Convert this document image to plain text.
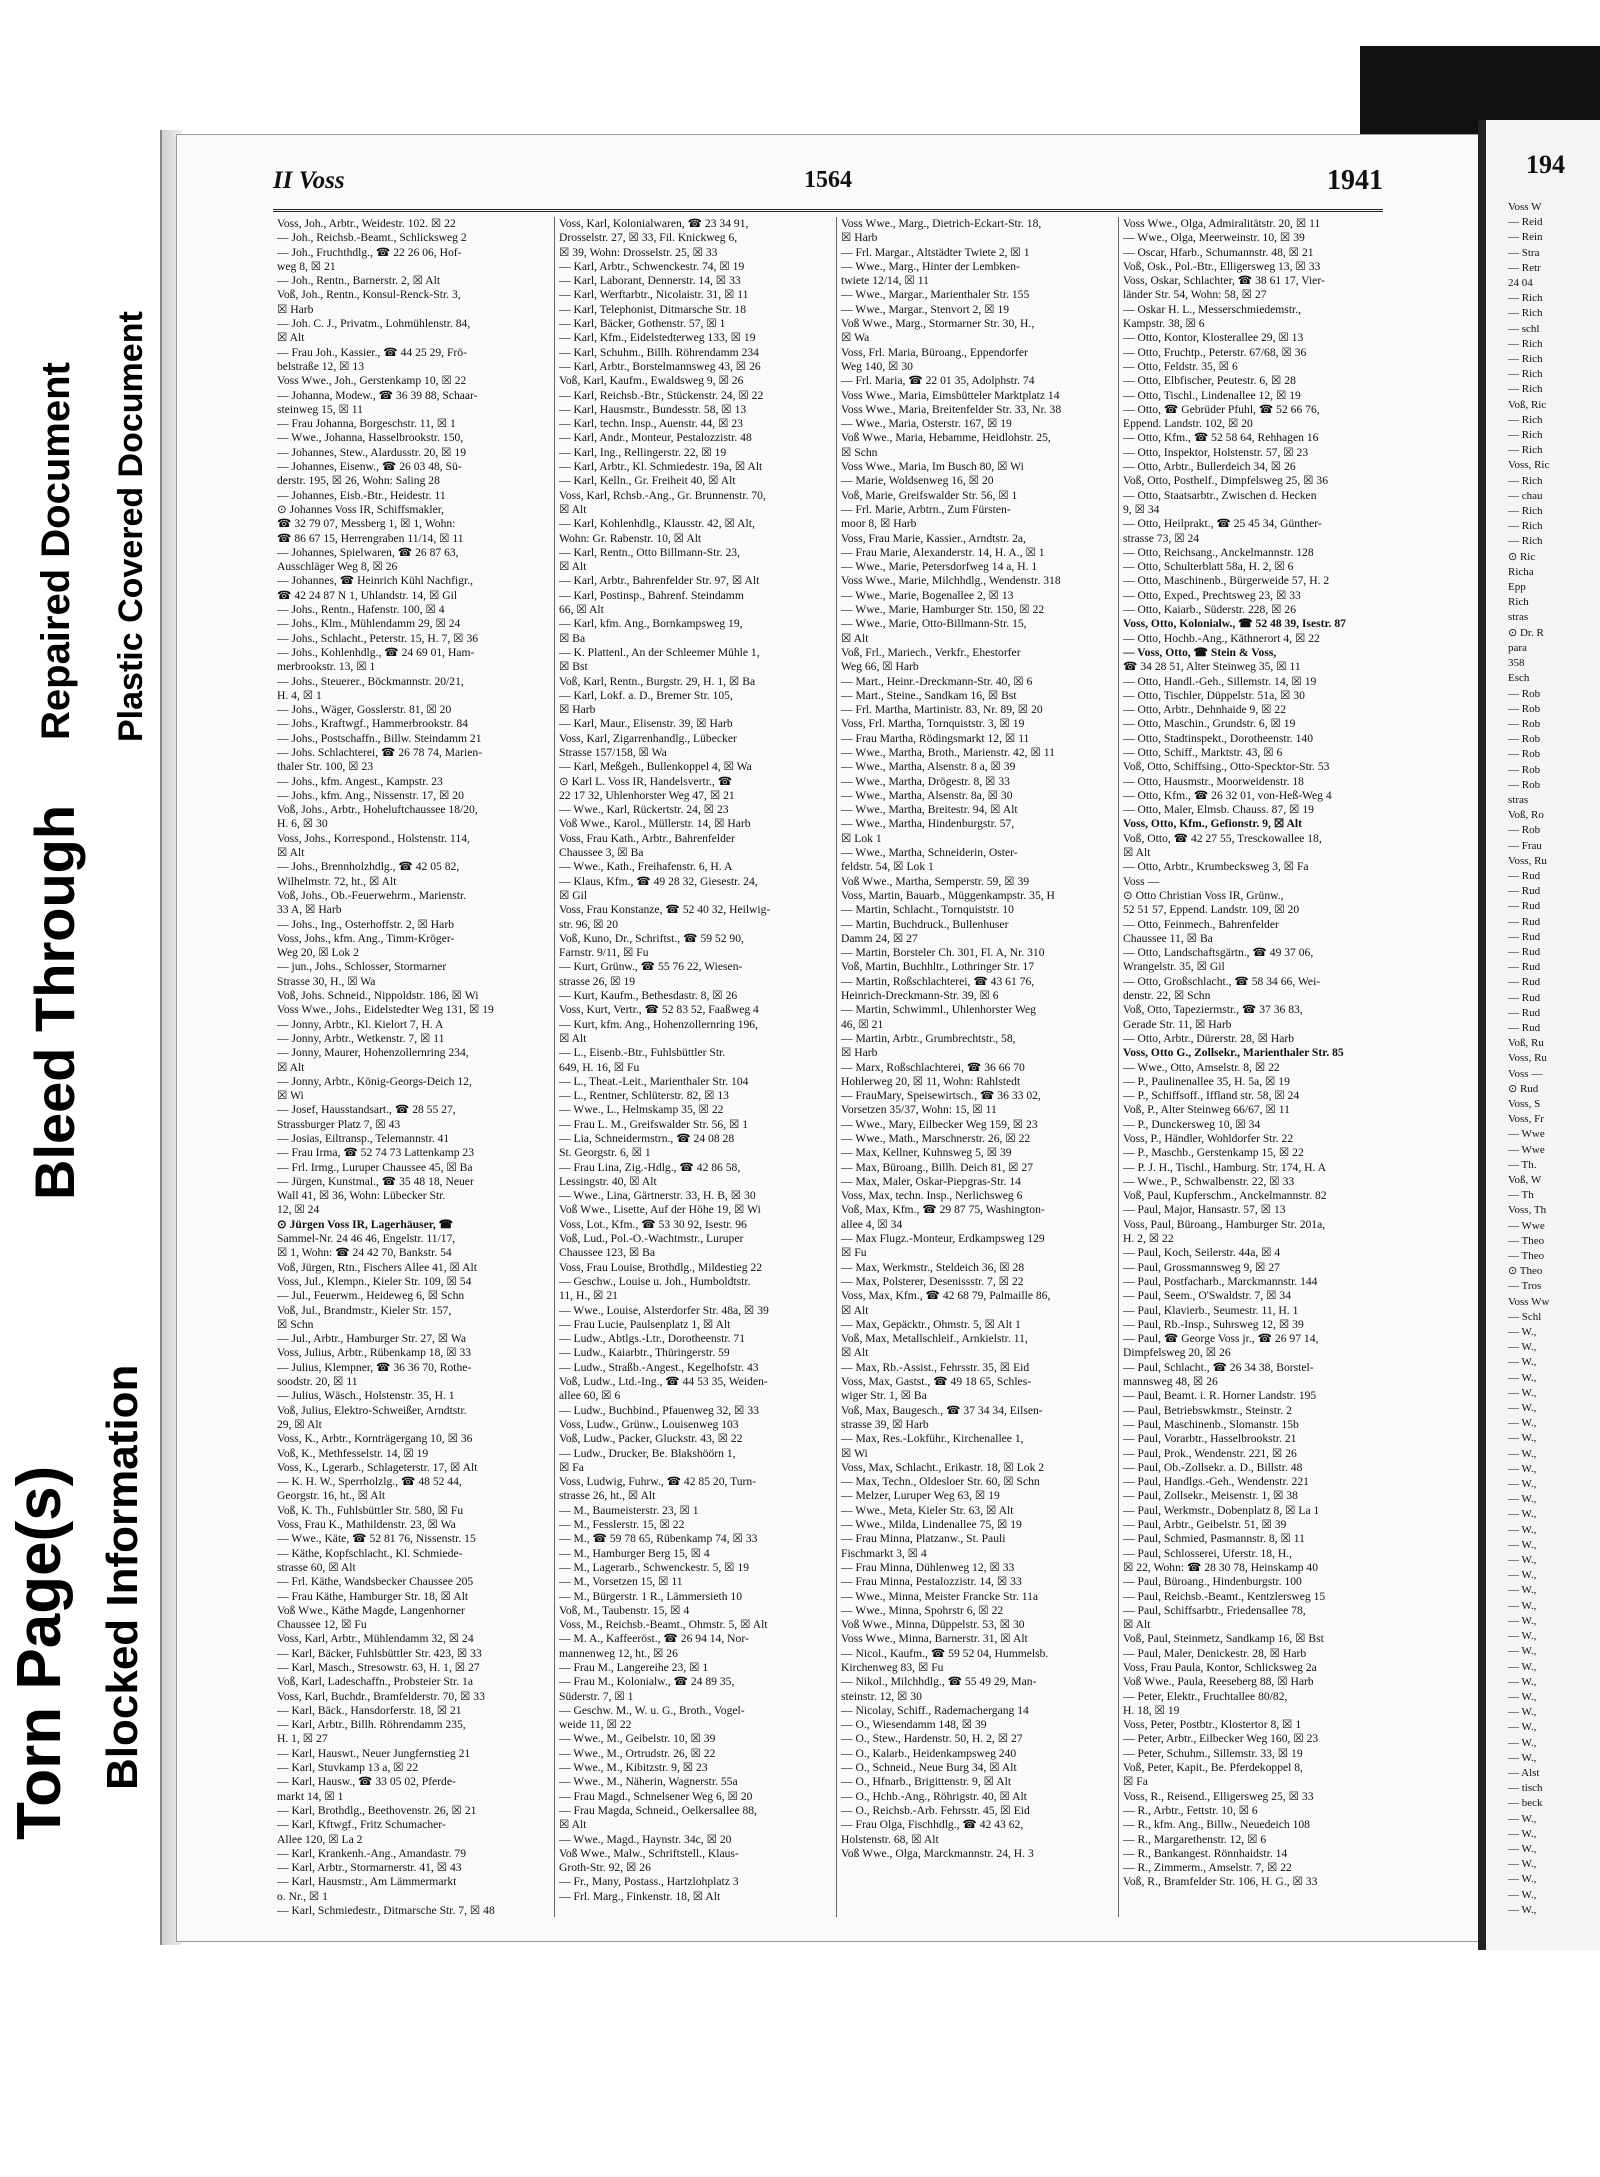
Torn Page(s) Blocked Information
Bleed Through
Repaired Document Plastic Covered Document
II Voss	1564	1941
Voss, Joh., Arbtr., Weidestr. 102. ☒ 22
— Joh., Reichsb.-Beamt., Schlicksweg 2
— Joh., Fruchthdlg., ☎ 22 26 06, Hof-
weg 8, ☒ 21
— Joh., Rentn., Barnerstr. 2, ☒ Alt
Voß, Joh., Rentn., Konsul-Renck-Str. 3,
☒ Harb
— Joh. C. J., Privatm., Lohmühlenstr. 84,
☒ Alt
— Frau Joh., Kassier., ☎ 44 25 29, Frö-
belstraße 12, ☒ 13
Voss Wwe., Joh., Gerstenkamp 10, ☒ 22
— Johanna, Modew., ☎ 36 39 88, Schaar-
steinweg 15, ☒ 11
— Frau Johanna, Borgeschstr. 11, ☒ 1
— Wwe., Johanna, Hasselbrookstr. 150,
— Johannes, Stew., Alardusstr. 20, ☒ 19
— Johannes, Eisenw., ☎ 26 03 48, Sü-
derstr. 195, ☒ 26, Wohn: Saling 28
— Johannes, Eisb.-Btr., Heidestr. 11
⊙ Johannes Voss IR, Schiffsmakler,
☎ 32 79 07, Messberg 1, ☒ 1, Wohn:
☎ 86 67 15, Herrengraben 11/14, ☒ 11
— Johannes, Spielwaren, ☎ 26 87 63,
Ausschläger Weg 8, ☒ 26
— Johannes, ☎ Heinrich Kühl Nachfigr.,
☎ 42 24 87 N 1, Uhlandstr. 14, ☒ Gil
— Johs., Rentn., Hafenstr. 100, ☒ 4
— Johs., Klm., Mühlendamm 29, ☒ 24
— Johs., Schlacht., Peterstr. 15, H. 7, ☒ 36
— Johs., Kohlenhdlg., ☎ 24 69 01, Ham-
merbrookstr. 13, ☒ 1
— Johs., Steuerer., Böckmannstr. 20/21,
H. 4, ☒ 1
— Johs., Wäger, Gosslerstr. 81, ☒ 20
— Johs., Kraftwgf., Hammerbrookstr. 84
— Johs., Postschaffn., Billw. Steindamm 21
— Johs. Schlachterei, ☎ 26 78 74, Marien-
thaler Str. 100, ☒ 23
— Johs., kfm. Angest., Kampstr. 23
— Johs., kfm. Ang., Nissenstr. 17, ☒ 20
Voß, Johs., Arbtr., Hoheluftchaussee 18/20,
H. 6, ☒ 30
Voss, Johs., Korrespond., Holstenstr. 114,
☒ Alt
— Johs., Brennholzhdlg., ☎ 42 05 82,
Wilhelmstr. 72, ht., ☒ Alt
Voß, Johs., Ob.-Feuerwehrm., Marienstr.
33 A, ☒ Harb
— Johs., Ing., Osterhoffstr. 2, ☒ Harb
Voss, Johs., kfm. Ang., Timm-Kröger-
Weg 20, ☒ Lok 2
— jun., Johs., Schlosser, Stormarner
Strasse 30, H., ☒ Wa
Voß, Johs. Schneid., Nippoldstr. 186, ☒ Wi
Voss Wwe., Johs., Eidelstedter Weg 131, ☒ 19
— Jonny, Arbtr., Kl. Kielort 7, H. A
— Jonny, Arbtr., Wetkenstr. 7, ☒ 11
— Jonny, Maurer, Hohenzollernring 234,
☒ Alt
— Jonny, Arbtr., König-Georgs-Deich 12,
☒ Wi
— Josef, Hausstandsart., ☎ 28 55 27,
Strassburger Platz 7, ☒ 43
— Josias, Eiltransp., Telemannstr. 41
— Frau Irma, ☎ 52 74 73 Lattenkamp 23
— Frl. Irmg., Luruper Chaussee 45, ☒ Ba
— Jürgen, Kunstmal., ☎ 35 48 18, Neuer
Wall 41, ☒ 36, Wohn: Lübecker Str.
12, ☒ 24
⊙ Jürgen Voss IR, Lagerhäuser, ☎
Sammel-Nr. 24 46 46, Engelstr. 11/17,
☒ 1, Wohn: ☎ 24 42 70, Bankstr. 54
Voß, Jürgen, Rtn., Fischers Allee 41, ☒ Alt
Voss, Jul., Klempn., Kieler Str. 109, ☒ 54
— Jul., Feuerwm., Heideweg 6, ☒ Schn
Voß, Jul., Brandmstr., Kieler Str. 157,
☒ Schn
— Jul., Arbtr., Hamburger Str. 27, ☒ Wa
Voss, Julius, Arbtr., Rübenkamp 18, ☒ 33
— Julius, Klempner, ☎ 36 36 70, Rothe-
soodstr. 20, ☒ 11
— Julius, Wäsch., Holstenstr. 35, H. 1
Voß, Julius, Elektro-Schweißer, Arndtstr.
29, ☒ Alt
Voss, K., Arbtr., Kornträgergang 10, ☒ 36
Voß, K., Methfesselstr. 14, ☒ 19
Voss, K., Lgerarb., Schlageterstr. 17, ☒ Alt
— K. H. W., Sperrholzlg., ☎ 48 52 44,
Georgstr. 16, ht., ☒ Alt
Voß, K. Th., Fuhlsbüttler Str. 580, ☒ Fu
Voss, Frau K., Mathildenstr. 23, ☒ Wa
— Wwe., Käte, ☎ 52 81 76, Nissenstr. 15
— Käthe, Kopfschlacht., Kl. Schmiede-
strasse 60, ☒ Alt
— Frl. Käthe, Wandsbecker Chaussee 205
— Frau Käthe, Hamburger Str. 18, ☒ Alt
Voß Wwe., Käthe Magde, Langenhorner
Chaussee 12, ☒ Fu
Voss, Karl, Arbtr., Mühlendamm 32, ☒ 24
— Karl, Bäcker, Fuhlsbüttler Str. 423, ☒ 33
— Karl, Masch., Stresowstr. 63, H. 1, ☒ 27
Voß, Karl, Ladeschaffn., Probsteier Str. 1a
Voss, Karl, Buchdr., Bramfelderstr. 70, ☒ 33
— Karl, Bäck., Hansdorferstr. 18, ☒ 21
— Karl, Arbtr., Billh. Röhrendamm 235,
H. 1, ☒ 27
— Karl, Hauswt., Neuer Jungfernstieg 21
— Karl, Stuvkamp 13 a, ☒ 22
— Karl, Hausw., ☎ 33 05 02, Pferde-
markt 14, ☒ 1
— Karl, Brothdlg., Beethovenstr. 26, ☒ 21
— Karl, Kftwgf., Fritz Schumacher-
Allee 120, ☒ La 2
— Karl, Krankenh.-Ang., Amandastr. 79
— Karl, Arbtr., Stormarnerstr. 41, ☒ 43
— Karl, Hausmstr., Am Lämmermarkt
o. Nr., ☒ 1
— Karl, Schmiedestr., Ditmarsche Str. 7, ☒ 48
Voss, Karl, Kolonialwaren, ☎ 23 34 91,
Drosselstr. 27, ☒ 33, Fil. Knickweg 6,
☒ 39, Wohn: Drosselstr. 25, ☒ 33
— Karl, Arbtr., Schwenckestr. 74, ☒ 19
— Karl, Laborant, Dennerstr. 14, ☒ 33
— Karl, Werftarbtr., Nicolaistr. 31, ☒ 11
— Karl, Telephonist, Ditmarsche Str. 18
— Karl, Bäcker, Gothenstr. 57, ☒ 1
— Karl, Kfm., Eidelstedterweg 133, ☒ 19
— Karl, Schuhm., Billh. Röhrendamm 234
— Karl, Arbtr., Borstelmannsweg 43, ☒ 26
Voß, Karl, Kaufm., Ewaldsweg 9, ☒ 26
— Karl, Reichsb.-Btr., Stückenstr. 24, ☒ 22
— Karl, Hausmstr., Bundesstr. 58, ☒ 13
— Karl, techn. Insp., Auenstr. 44, ☒ 23
— Karl, Andr., Monteur, Pestalozzistr. 48
— Karl, Ing., Rellingerstr. 22, ☒ 19
— Karl, Arbtr., Kl. Schmiedestr. 19a, ☒ Alt
— Karl, Kelln., Gr. Freiheit 40, ☒ Alt
Voss, Karl, Rchsb.-Ang., Gr. Brunnenstr. 70,
☒ Alt
— Karl, Kohlenhdlg., Klausstr. 42, ☒ Alt,
Wohn: Gr. Rabenstr. 10, ☒ Alt
— Karl, Rentn., Otto Billmann-Str. 23,
☒ Alt
— Karl, Arbtr., Bahrenfelder Str. 97, ☒ Alt
— Karl, Postinsp., Bahrenf. Steindamm
66, ☒ Alt
— Karl, kfm. Ang., Bornkampsweg 19,
☒ Ba
— K. Plattenl., An der Schleemer Mühle 1,
☒ Bst
Voß, Karl, Rentn., Burgstr. 29, H. 1, ☒ Ba
— Karl, Lokf. a. D., Bremer Str. 105,
☒ Harb
— Karl, Maur., Elisenstr. 39, ☒ Harb
Voss, Karl, Zigarrenhandlg., Lübecker
Strasse 157/158, ☒ Wa
— Karl, Meßgeh., Bullenkoppel 4, ☒ Wa
⊙ Karl L. Voss IR, Handelsvertr., ☎
22 17 32, Uhlenhorster Weg 47, ☒ 21
— Wwe., Karl, Rückertstr. 24, ☒ 23
Voß Wwe., Karol., Müllerstr. 14, ☒ Harb
Voss, Frau Kath., Arbtr., Bahrenfelder
Chaussee 3, ☒ Ba
— Wwe., Kath., Freihafenstr. 6, H. A
— Klaus, Kfm., ☎ 49 28 32, Giesestr. 24,
☒ Gil
Voss, Frau Konstanze, ☎ 52 40 32, Heilwig-
str. 96, ☒ 20
Voß, Kuno, Dr., Schriftst., ☎ 59 52 90,
Farnstr. 9/11, ☒ Fu
— Kurt, Grünw., ☎ 55 76 22, Wiesen-
strasse 26, ☒ 19
— Kurt, Kaufm., Bethesdastr. 8, ☒ 26
Voss, Kurt, Vertr., ☎ 52 83 52, Faaßweg 4
— Kurt, kfm. Ang., Hohenzollernring 196,
☒ Alt
— L., Eisenb.-Btr., Fuhlsbüttler Str.
649, H. 16, ☒ Fu
— L., Theat.-Leit., Marienthaler Str. 104
— L., Rentner, Schlüterstr. 82, ☒ 13
— Wwe., L., Helmskamp 35, ☒ 22
— Frau L. M., Greifswalder Str. 56, ☒ 1
— Lia, Schneidermstrn., ☎ 24 08 28
St. Georgstr. 6, ☒ 1
— Frau Lina, Zig.-Hdlg., ☎ 42 86 58,
Lessingstr. 40, ☒ Alt
— Wwe., Lina, Gärtnerstr. 33, H. B, ☒ 30
Voß Wwe., Lisette, Auf der Höhe 19, ☒ Wi
Voss, Lot., Kfm., ☎ 53 30 92, Isestr. 96
Voß, Lud., Pol.-O.-Wachtmstr., Luruper
Chaussee 123, ☒ Ba
Voss, Frau Louise, Brothdlg., Mildestieg 22
— Geschw., Louise u. Joh., Humboldtstr.
11, H., ☒ 21
— Wwe., Louise, Alsterdorfer Str. 48a, ☒ 39
— Frau Lucie, Paulsenplatz 1, ☒ Alt
— Ludw., Abtlgs.-Ltr., Dorotheenstr. 71
— Ludw., Kaiarbtr., Thüringerstr. 59
— Ludw., Straßb.-Angest., Kegelhofstr. 43
Voß, Ludw., Ltd.-Ing., ☎ 44 53 35, Weiden-
allee 60, ☒ 6
— Ludw., Buchbind., Pfauenweg 32, ☒ 33
Voss, Ludw., Grünw., Louisenweg 103
Voß, Ludw., Packer, Gluckstr. 43, ☒ 22
— Ludw., Drucker, Be. Blakshöörn 1,
☒ Fa
Voss, Ludwig, Fuhrw., ☎ 42 85 20, Turn-
strasse 26, ht., ☒ Alt
— M., Baumeisterstr. 23, ☒ 1
— M., Fesslerstr. 15, ☒ 22
— M., ☎ 59 78 65, Rübenkamp 74, ☒ 33
— M., Hamburger Berg 15, ☒ 4
— M., Lagerarb., Schwenckestr. 5, ☒ 19
— M., Vorsetzen 15, ☒ 11
— M., Bürgerstr. 1 R., Lämmersieth 10
Voß, M., Taubenstr. 15, ☒ 4
Voss, M., Reichsb.-Beamt., Ohmstr. 5, ☒ Alt
— M. A., Kaffeeröst., ☎ 26 94 14, Nor-
mannenweg 12, ht., ☒ 26
— Frau M., Langereihe 23, ☒ 1
— Frau M., Kolonialw., ☎ 24 89 35,
Süderstr. 7, ☒ 1
— Geschw. M., W. u. G., Broth., Vogel-
weide 11, ☒ 22
— Wwe., M., Geibelstr. 10, ☒ 39
— Wwe., M., Ortrudstr. 26, ☒ 22
— Wwe., M., Kibitzstr. 9, ☒ 23
— Wwe., M., Näherin, Wagnerstr. 55a
— Frau Magd., Schnelsener Weg 6, ☒ 20
— Frau Magda, Schneid., Oelkersallee 88,
☒ Alt
— Wwe., Magd., Haynstr. 34c, ☒ 20
Voß Wwe., Malw., Schriftstell., Klaus-
Groth-Str. 92, ☒ 26
— Fr., Many, Postass., Hartzlohplatz 3
— Frl. Marg., Finkenstr. 18, ☒ Alt
Voss Wwe., Marg., Dietrich-Eckart-Str. 18,
☒ Harb
— Frl. Margar., Altstädter Twiete 2, ☒ 1
— Wwe., Marg., Hinter der Lembken-
twiete 12/14, ☒ 11
— Wwe., Margar., Marienthaler Str. 155
— Wwe., Margar., Stenvort 2, ☒ 19
Voß Wwe., Marg., Stormarner Str. 30, H.,
☒ Wa
Voss, Frl. Maria, Büroang., Eppendorfer
Weg 140, ☒ 30
— Frl. Maria, ☎ 22 01 35, Adolphstr. 74
Voss Wwe., Maria, Eimsbütteler Marktplatz 14
Voss Wwe., Maria, Breitenfelder Str. 33, Nr. 38
— Wwe., Maria, Osterstr. 167, ☒ 19
Voß Wwe., Maria, Hebamme, Heidlohstr. 25,
☒ Schn
Voss Wwe., Maria, Im Busch 80, ☒ Wi
— Marie, Woldsenweg 16, ☒ 20
Voß, Marie, Greifswalder Str. 56, ☒ 1
— Frl. Marie, Arbtrn., Zum Fürsten-
moor 8, ☒ Harb
Voss, Frau Marie, Kassier., Arndtstr. 2a,
— Frau Marie, Alexanderstr. 14, H. A., ☒ 1
— Wwe., Marie, Petersdorfweg 14 a, H. 1
Voss Wwe., Marie, Milchhdlg., Wendenstr. 318
— Wwe., Marie, Bogenallee 2, ☒ 13
— Wwe., Marie, Hamburger Str. 150, ☒ 22
— Wwe., Marie, Otto-Billmann-Str. 15,
☒ Alt
Voß, Frl., Mariech., Verkfr., Ehestorfer
Weg 66, ☒ Harb
— Mart., Heinr.-Dreckmann-Str. 40, ☒ 6
— Mart., Steine., Sandkam 16, ☒ Bst
— Frl. Martha, Martinistr. 83, Nr. 89, ☒ 20
Voss, Frl. Martha, Tornquiststr. 3, ☒ 19
— Frau Martha, Rödingsmarkt 12, ☒ 11
— Wwe., Martha, Broth., Marienstr. 42, ☒ 11
— Wwe., Martha, Alsenstr. 8 a, ☒ 39
— Wwe., Martha, Drögestr. 8, ☒ 33
— Wwe., Martha, Alsenstr. 8a, ☒ 30
— Wwe., Martha, Breitestr. 94, ☒ Alt
— Wwe., Martha, Hindenburgstr. 57,
☒ Lok 1
— Wwe., Martha, Schneiderin, Oster-
feldstr. 54, ☒ Lok 1
Voß Wwe., Martha, Semperstr. 59, ☒ 39
Voss, Martin, Bauarb., Müggenkampstr. 35, H
— Martin, Schlacht., Tornquiststr. 10
— Martin, Buchdruck., Bullenhuser
Damm 24, ☒ 27
— Martin, Borsteler Ch. 301, Fl. A, Nr. 310
Voß, Martin, Buchhltr., Lothringer Str. 17
— Martin, Roßschlachterei, ☎ 43 61 76,
Heinrich-Dreckmann-Str. 39, ☒ 6
— Martin, Schwimml., Uhlenhorster Weg
46, ☒ 21
— Martin, Arbtr., Grumbrechtstr., 58,
☒ Harb
— Marx, Roßschlachterei, ☎ 36 66 70
Hohlerweg 20, ☒ 11, Wohn: Rahlstedt
— FrauMary, Speisewirtsch., ☎ 36 33 02,
Vorsetzen 35/37, Wohn: 15, ☒ 11
— Wwe., Mary, Eilbecker Weg 159, ☒ 23
— Wwe., Math., Marschnerstr. 26, ☒ 22
— Max, Kellner, Kuhnsweg 5, ☒ 39
— Max, Büroang., Billh. Deich 81, ☒ 27
— Max, Maler, Oskar-Piepgras-Str. 14
Voss, Max, techn. Insp., Nerlichsweg 6
Voß, Max, Kfm., ☎ 29 87 75, Washington-
allee 4, ☒ 34
— Max Flugz.-Monteur, Erdkampsweg 129
☒ Fu
— Max, Werkmstr., Steldeich 36, ☒ 28
— Max, Polsterer, Desenissstr. 7, ☒ 22
Voss, Max, Kfm., ☎ 42 68 79, Palmaille 86,
☒ Alt
— Max, Gepäcktr., Ohmstr. 5, ☒ Alt 1
Voß, Max, Metallschleif., Arnkielstr. 11,
☒ Alt
— Max, Rb.-Assist., Fehrsstr. 35, ☒ Eid
Voss, Max, Gastst., ☎ 49 18 65, Schles-
wiger Str. 1, ☒ Ba
Voß, Max, Baugesch., ☎ 37 34 34, Eilsen-
strasse 39, ☒ Harb
— Max, Res.-Lokführ., Kirchenallee 1,
☒ Wi
Voss, Max, Schlacht., Erikastr. 18, ☒ Lok 2
— Max, Techn., Oldesloer Str. 60, ☒ Schn
— Melzer, Luruper Weg 63, ☒ 19
— Wwe., Meta, Kieler Str. 63, ☒ Alt
— Wwe., Milda, Lindenallee 75, ☒ 19
— Frau Minna, Platzanw., St. Pauli
Fischmarkt 3, ☒ 4
— Frau Minna, Dühlenweg 12, ☒ 33
— Frau Minna, Pestalozzistr. 14, ☒ 33
— Wwe., Minna, Meister Francke Str. 11a
— Wwe., Minna, Spohrstr 6, ☒ 22
Voß Wwe., Minna, Düppelstr. 53, ☒ 30
Voss Wwe., Minna, Barnerstr. 31, ☒ Alt
— Nicol., Kaufm., ☎ 59 52 04, Hummelsb.
Kirchenweg 83, ☒ Fu
— Nikol., Milchhdlg., ☎ 55 49 29, Man-
steinstr. 12, ☒ 30
— Nicolay, Schiff., Rademachergang 14
— O., Wiesendamm 148, ☒ 39
— O., Stew., Hardenstr. 50, H. 2, ☒ 27
— O., Kalarb., Heidenkampsweg 240
— O., Schneid., Neue Burg 34, ☒ Alt
— O., Hfnarb., Brigittenstr. 9, ☒ Alt
— O., Hchb.-Ang., Röhrigstr. 40, ☒ Alt
— O., Reichsb.-Arb. Fehrsstr. 45, ☒ Eid
— Frau Olga, Fischhdlg., ☎ 42 43 62,
Holstenstr. 68, ☒ Alt
Voß Wwe., Olga, Marckmannstr. 24, H. 3
Voss Wwe., Olga, Admiralitätstr. 20, ☒ 11
— Wwe., Olga, Meerweinstr. 10, ☒ 39
— Oscar, Hfarb., Schumannstr. 48, ☒ 21
Voß, Osk., Pol.-Btr., Elligersweg 13, ☒ 33
Voss, Oskar, Schlachter, ☎ 38 61 17, Vier-
länder Str. 54, Wohn: 58, ☒ 27
— Oskar H. L., Messerschmiedemstr.,
Kampstr. 38, ☒ 6
— Otto, Kontor, Klosterallee 29, ☒ 13
— Otto, Fruchtp., Peterstr. 67/68, ☒ 36
— Otto, Feldstr. 35, ☒ 6
— Otto, Elbfischer, Peutestr. 6, ☒ 28
— Otto, Tischl., Lindenallee 12, ☒ 19
— Otto, ☎ Gebrüder Pfuhl, ☎ 52 66 76,
Eppend. Landstr. 102, ☒ 20
— Otto, Kfm., ☎ 52 58 64, Rehhagen 16
— Otto, Inspektor, Holstenstr. 57, ☒ 23
— Otto, Arbtr., Bullerdeich 34, ☒ 26
Voß, Otto, Posthelf., Dimpfelsweg 25, ☒ 36
— Otto, Staatsarbtr., Zwischen d. Hecken
9, ☒ 34
— Otto, Heilprakt., ☎ 25 45 34, Günther-
strasse 73, ☒ 24
— Otto, Reichsang., Anckelmannstr. 128
— Otto, Schulterblatt 58a, H. 2, ☒ 6
— Otto, Maschinenb., Bürgerweide 57, H. 2
— Otto, Exped., Prechtsweg 23, ☒ 33
— Otto, Kaiarb., Süderstr. 228, ☒ 26
Voss, Otto, Kolonialw., ☎ 52 48 39, Isestr. 87
— Otto, Hochb.-Ang., Käthnerort 4, ☒ 22
— Voss, Otto, ☎ Stein & Voss,
☎ 34 28 51, Alter Steinweg 35, ☒ 11
— Otto, Handl.-Geh., Sillemstr. 14, ☒ 19
— Otto, Tischler, Düppelstr. 51a, ☒ 30
— Otto, Arbtr., Dehnhaide 9, ☒ 22
— Otto, Maschin., Grundstr. 6, ☒ 19
— Otto, Stadtinspekt., Dorotheenstr. 140
— Otto, Schiff., Marktstr. 43, ☒ 6
Voß, Otto, Schiffsing., Otto-Specktor-Str. 53
— Otto, Hausmstr., Moorweidenstr. 18
— Otto, Kfm., ☎ 26 32 01, von-Heß-Weg 4
— Otto, Maler, Elmsb. Chauss. 87, ☒ 19
Voss, Otto, Kfm., Gefionstr. 9, ☒ Alt
Voß, Otto, ☎ 42 27 55, Tresckowallee 18,
☒ Alt
— Otto, Arbtr., Krumbecksweg 3, ☒ Fa
Voss —
⊙ Otto Christian Voss IR, Grünw.,
52 51 57, Eppend. Landstr. 109, ☒ 20
— Otto, Feinmech., Bahrenfelder
Chaussee 11, ☒ Ba
— Otto, Landschaftsgärtn., ☎ 49 37 06,
Wrangelstr. 35, ☒ Gil
— Otto, Großschlacht., ☎ 58 34 66, Wei-
denstr. 22, ☒ Schn
Voß, Otto, Tapeziermstr., ☎ 37 36 83,
Gerade Str. 11, ☒ Harb
— Otto, Arbtr., Dürerstr. 28, ☒ Harb
Voss, Otto G., Zollsekr., Marienthaler Str. 85
— Wwe., Otto, Amselstr. 8, ☒ 22
— P., Paulinenallee 35, H. 5a, ☒ 19
— P., Schiffsoff., Iffland str. 58, ☒ 24
Voß, P., Alter Steinweg 66/67, ☒ 11
— P., Dunckersweg 10, ☒ 34
Voss, P., Händler, Wohldorfer Str. 22
— P., Maschb., Gerstenkamp 15, ☒ 22
— P. J. H., Tischl., Hamburg. Str. 174, H. A
— Wwe., P., Schwalbenstr. 22, ☒ 33
Voß, Paul, Kupferschm., Anckelmannstr. 82
— Paul, Major, Hansastr. 57, ☒ 13
Voss, Paul, Büroang., Hamburger Str. 201a,
H. 2, ☒ 22
— Paul, Koch, Seilerstr. 44a, ☒ 4
— Paul, Grossmannsweg 9, ☒ 27
— Paul, Postfacharb., Marckmannstr. 144
— Paul, Seem., O'Swaldstr. 7, ☒ 34
— Paul, Klavierb., Seumestr. 11, H. 1
— Paul, Rb.-Insp., Suhrsweg 12, ☒ 39
— Paul, ☎ George Voss jr., ☎ 26 97 14,
Dimpfelsweg 20, ☒ 26
— Paul, Schlacht., ☎ 26 34 38, Borstel-
mannsweg 48, ☒ 26
— Paul, Beamt. i. R. Horner Landstr. 195
— Paul, Betriebswkmstr., Steinstr. 2
— Paul, Maschinenb., Slomanstr. 15b
— Paul, Vorarbtr., Hasselbrookstr. 21
— Paul, Prok., Wendenstr. 221, ☒ 26
— Paul, Ob.-Zollsekr. a. D., Billstr. 48
— Paul, Handlgs.-Geh., Wendenstr. 221
— Paul, Zollsekr., Meisenstr. 1, ☒ 38
— Paul, Werkmstr., Dobenplatz 8, ☒ La 1
— Paul, Arbtr., Geibelstr. 51, ☒ 39
— Paul, Schmied, Pasmannstr. 8, ☒ 11
— Paul, Schlosserei, Uferstr. 18, H.,
☒ 22, Wohn: ☎ 28 30 78, Heinskamp 40
— Paul, Büroang., Hindenburgstr. 100
— Paul, Reichsb.-Beamt., Kentzlersweg 15
— Paul, Schiffsarbtr., Friedensallee 78,
☒ Alt
Voß, Paul, Steinmetz, Sandkamp 16, ☒ Bst
— Paul, Maler, Denickestr. 28, ☒ Harb
Voss, Frau Paula, Kontor, Schlicksweg 2a
Voß Wwe., Paula, Reeseberg 88, ☒ Harb
— Peter, Elektr., Fruchtallee 80/82,
H. 18, ☒ 19
Voss, Peter, Postbtr., Klostertor 8, ☒ 1
— Peter, Arbtr., Eilbecker Weg 160, ☒ 23
— Peter, Schuhm., Sillemstr. 33, ☒ 19
Voß, Peter, Kapit., Be. Pferdekoppel 8,
☒ Fa
Voss, R., Reisend., Elligersweg 25, ☒ 33
— R., Arbtr., Fettstr. 10, ☒ 6
— R., kfm. Ang., Billw., Neuedeich 108
— R., Margarethenstr. 12, ☒ 6
— R., Bankangest. Rönnhaidstr. 14
— R., Zimmerm., Amselstr. 7, ☒ 22
Voß, R., Bramfelder Str. 106, H. G., ☒ 33
194
Voss W
— Reid
— Rein
— Stra
— Retr
24 04
— Rich
— Rich
— schl
— Rich
— Rich
— Rich
— Rich
Voß, Ric
— Rich
— Rich
— Rich
Voss, Ric
— Rich
— chau
— Rich
— Rich
— Rich
⊙ Ric
Richa
Epp
Rich
stras
⊙ Dr. R
para
358
Esch
— Rob
— Rob
— Rob
— Rob
— Rob
— Rob
— Rob
stras
Voß, Ro
— Rob
— Frau
Voss, Ru
— Rud
— Rud
— Rud
— Rud
— Rud
— Rud
— Rud
— Rud
— Rud
— Rud
— Rud
Voß, Ru
Voss, Ru
Voss —
⊙ Rud
Voss, S
Voss, Fr
— Wwe
— Wwe
— Th.
Voß, W
— Th
Voss, Th
— Wwe
— Theo
— Theo
⊙ Theo
— Tros
Voss Ww
— Schl
— W.,
— W.,
— W.,
— W.,
— W.,
— W.,
— W.,
— W.,
— W.,
— W.,
— W.,
— W.,
— W.,
— W.,
— W.,
— W.,
— W.,
— W.,
— W.,
— W.,
— W.,
— W.,
— W.,
— W.,
— W.,
— W.,
— W.,
— W.,
— W.,
— Alst
— tisch
— beck
— W.,
— W.,
— W.,
— W.,
— W.,
— W.,
— W.,
